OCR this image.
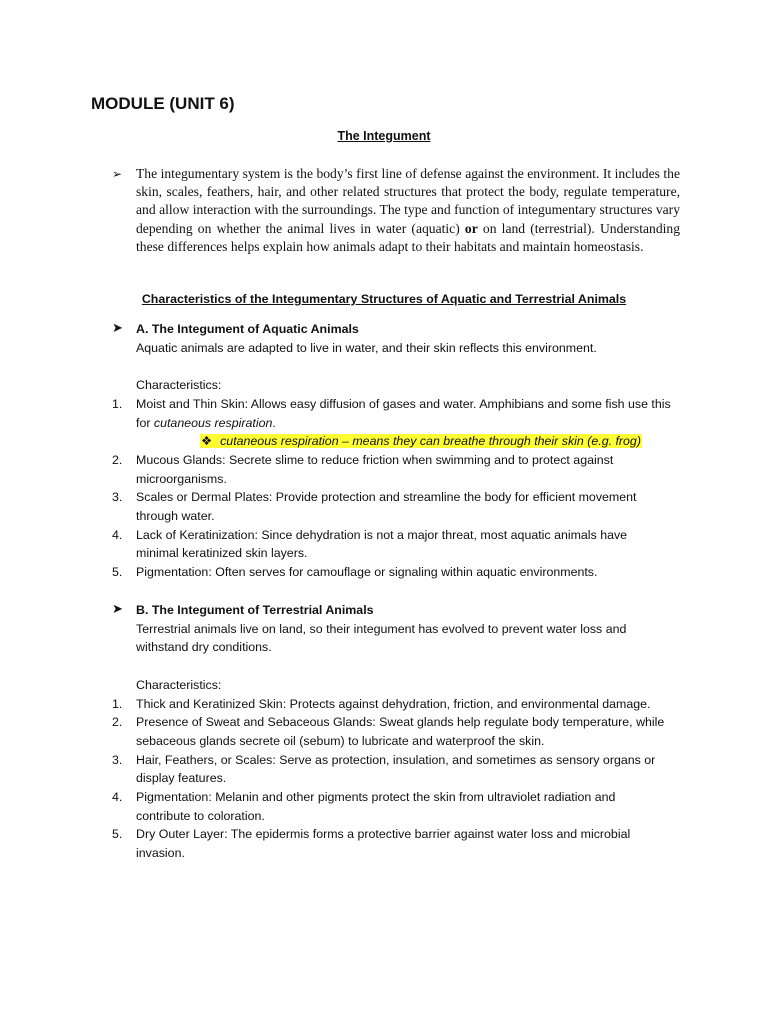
MODULE (UNIT 6)
The Integument
➢ The integumentary system is the body’s first line of defense against the environment. It includes the skin, scales, feathers, hair, and other related structures that protect the body, regulate temperature, and allow interaction with the surroundings. The type and function of integumentary structures vary depending on whether the animal lives in water (aquatic) or on land (terrestrial). Understanding these differences helps explain how animals adapt to their habitats and maintain homeostasis.

Characteristics of the Integumentary Structures of Aquatic and Terrestrial Animals
➤ A. The Integument of Aquatic Animals
Aquatic animals are adapted to live in water, and their skin reflects this environment.
Characteristics:
1. Moist and Thin Skin: Allows easy diffusion of gases and water. Amphibians and some fish use this for cutaneous respiration.
❖ cutaneous respiration – means they can breathe through their skin (e.g. frog)
2. Mucous Glands: Secrete slime to reduce friction when swimming and to protect against microorganisms.
3. Scales or Dermal Plates: Provide protection and streamline the body for efficient movement through water.
4. Lack of Keratinization: Since dehydration is not a major threat, most aquatic animals have minimal keratinized skin layers.
5. Pigmentation: Often serves for camouflage or signaling within aquatic environments.
➤ B. The Integument of Terrestrial Animals
Terrestrial animals live on land, so their integument has evolved to prevent water loss and withstand dry conditions.
Characteristics:
1. Thick and Keratinized Skin: Protects against dehydration, friction, and environmental damage.
2. Presence of Sweat and Sebaceous Glands: Sweat glands help regulate body temperature, while sebaceous glands secrete oil (sebum) to lubricate and waterproof the skin.
3. Hair, Feathers, or Scales: Serve as protection, insulation, and sometimes as sensory organs or display features.
4. Pigmentation: Melanin and other pigments protect the skin from ultraviolet radiation and contribute to coloration.
5. Dry Outer Layer: The epidermis forms a protective barrier against water loss and microbial invasion.
